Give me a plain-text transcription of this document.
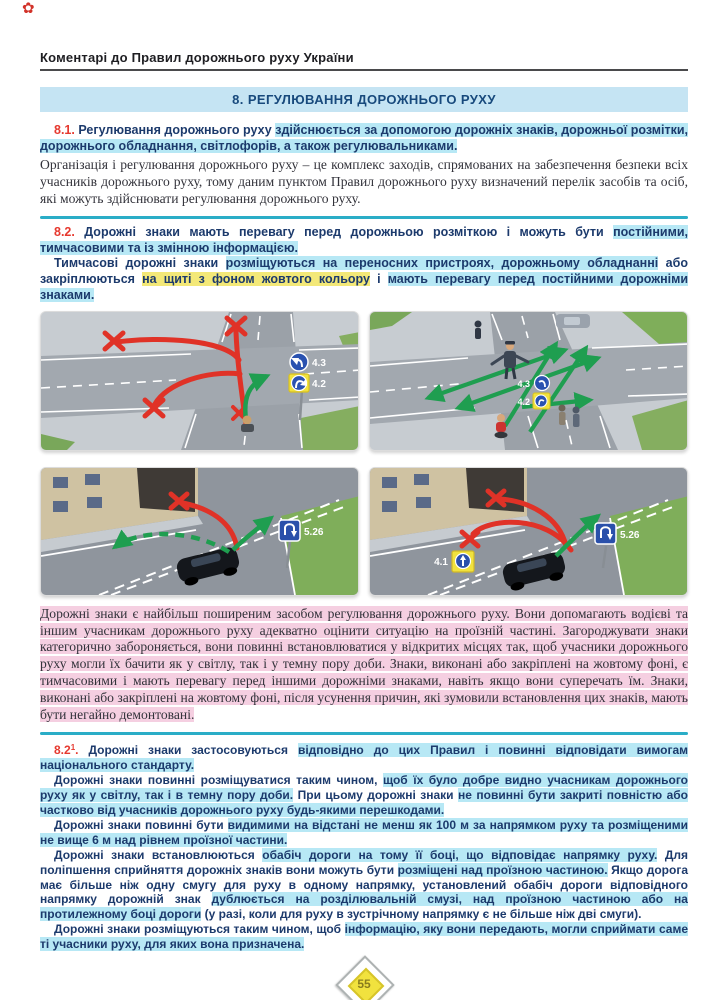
✿
Коментарі до Правил дорожнього руху України
8. РЕГУЛЮВАННЯ ДОРОЖНЬОГО РУХУ

8.1. Регулювання дорожнього руху здійснюється за допомогою дорожніх знаків, дорожньої розмітки, дорожнього обладнання, світлофорів, а також регулювальниками.

Організація і регулювання дорожнього руху – це комплекс заходів, спрямованих на забезпечення безпеки всіх учасників дорожнього руху, тому даним пунктом Правил дорожнього руху визначений перелік засобів та осіб, які можуть здійснювати регулювання дорожнього руху.

8.2. Дорожні знаки мають перевагу перед дорожньою розміткою і можуть бути постійними, тимчасовими та із змінною інформацією.

Тимчасові дорожні знаки розміщуються на переносних пристроях, дорожньому обладнанні або закріплюються на щиті з фоном жовтого кольору і мають перевагу перед постійними дорожніми знаками.

4.3
4.2	4.3
4.2
5.26
4.1
5.26

Дорожні знаки є найбільш поширеним засобом регулювання дорожнього руху. Вони допомагають водієві та іншим учасникам дорожнього руху адекватно оцінити ситуацію на проїзній частині. Загороджувати знаки категорично забороняється, вони повинні встановлюватися у відкритих місцях так, щоб учасники дорожнього руху могли їх бачити як у світлу, так і у темну пору доби. Знаки, виконані або закріплені на жовтому фоні, є тимчасовими і мають перевагу перед іншими дорожніми знаками, навіть якщо вони суперечать їм. Знаки, виконані або закріплені на жовтому фоні, після усунення причин, які зумовили встановлення цих знаків, мають бути негайно демонтовані.

$8.2^1$. Дорожні знаки застосовуються відповідно до цих Правил і повинні відповідати вимогам національного стандарту.

Дорожні знаки повинні розміщуватися таким чином, щоб їх було добре видно учасникам дорожнього руху як у світлу, так і в темну пору доби. При цьому дорожні знаки не повинні бути закриті повністю або частково від учасників дорожнього руху будь-якими перешкодами.

Дорожні знаки повинні бути видимими на відстані не менш як 100 м за напрямком руху та розміщеними не вище 6 м над рівнем проїзної частини.

Дорожні знаки встановлюються обабіч дороги на тому її боці, що відповідає напрямку руху. Для поліпшення сприйняття дорожніх знаків вони можуть бути розміщені над проїзною частиною. Якщо дорога має більше ніж одну смугу для руху в одному напрямку, установлений обабіч дороги відповідного напрямку дорожній знак дублюється на розділювальній смузі, над проїзною частиною або на протилежному боці дороги (у разі, коли для руху в зустрічному напрямку є не більше ніж дві смуги).

Дорожні знаки розміщуються таким чином, щоб інформацію, яку вони передають, могли сприймати саме ті учасники руху, для яких вона призначена.

55
